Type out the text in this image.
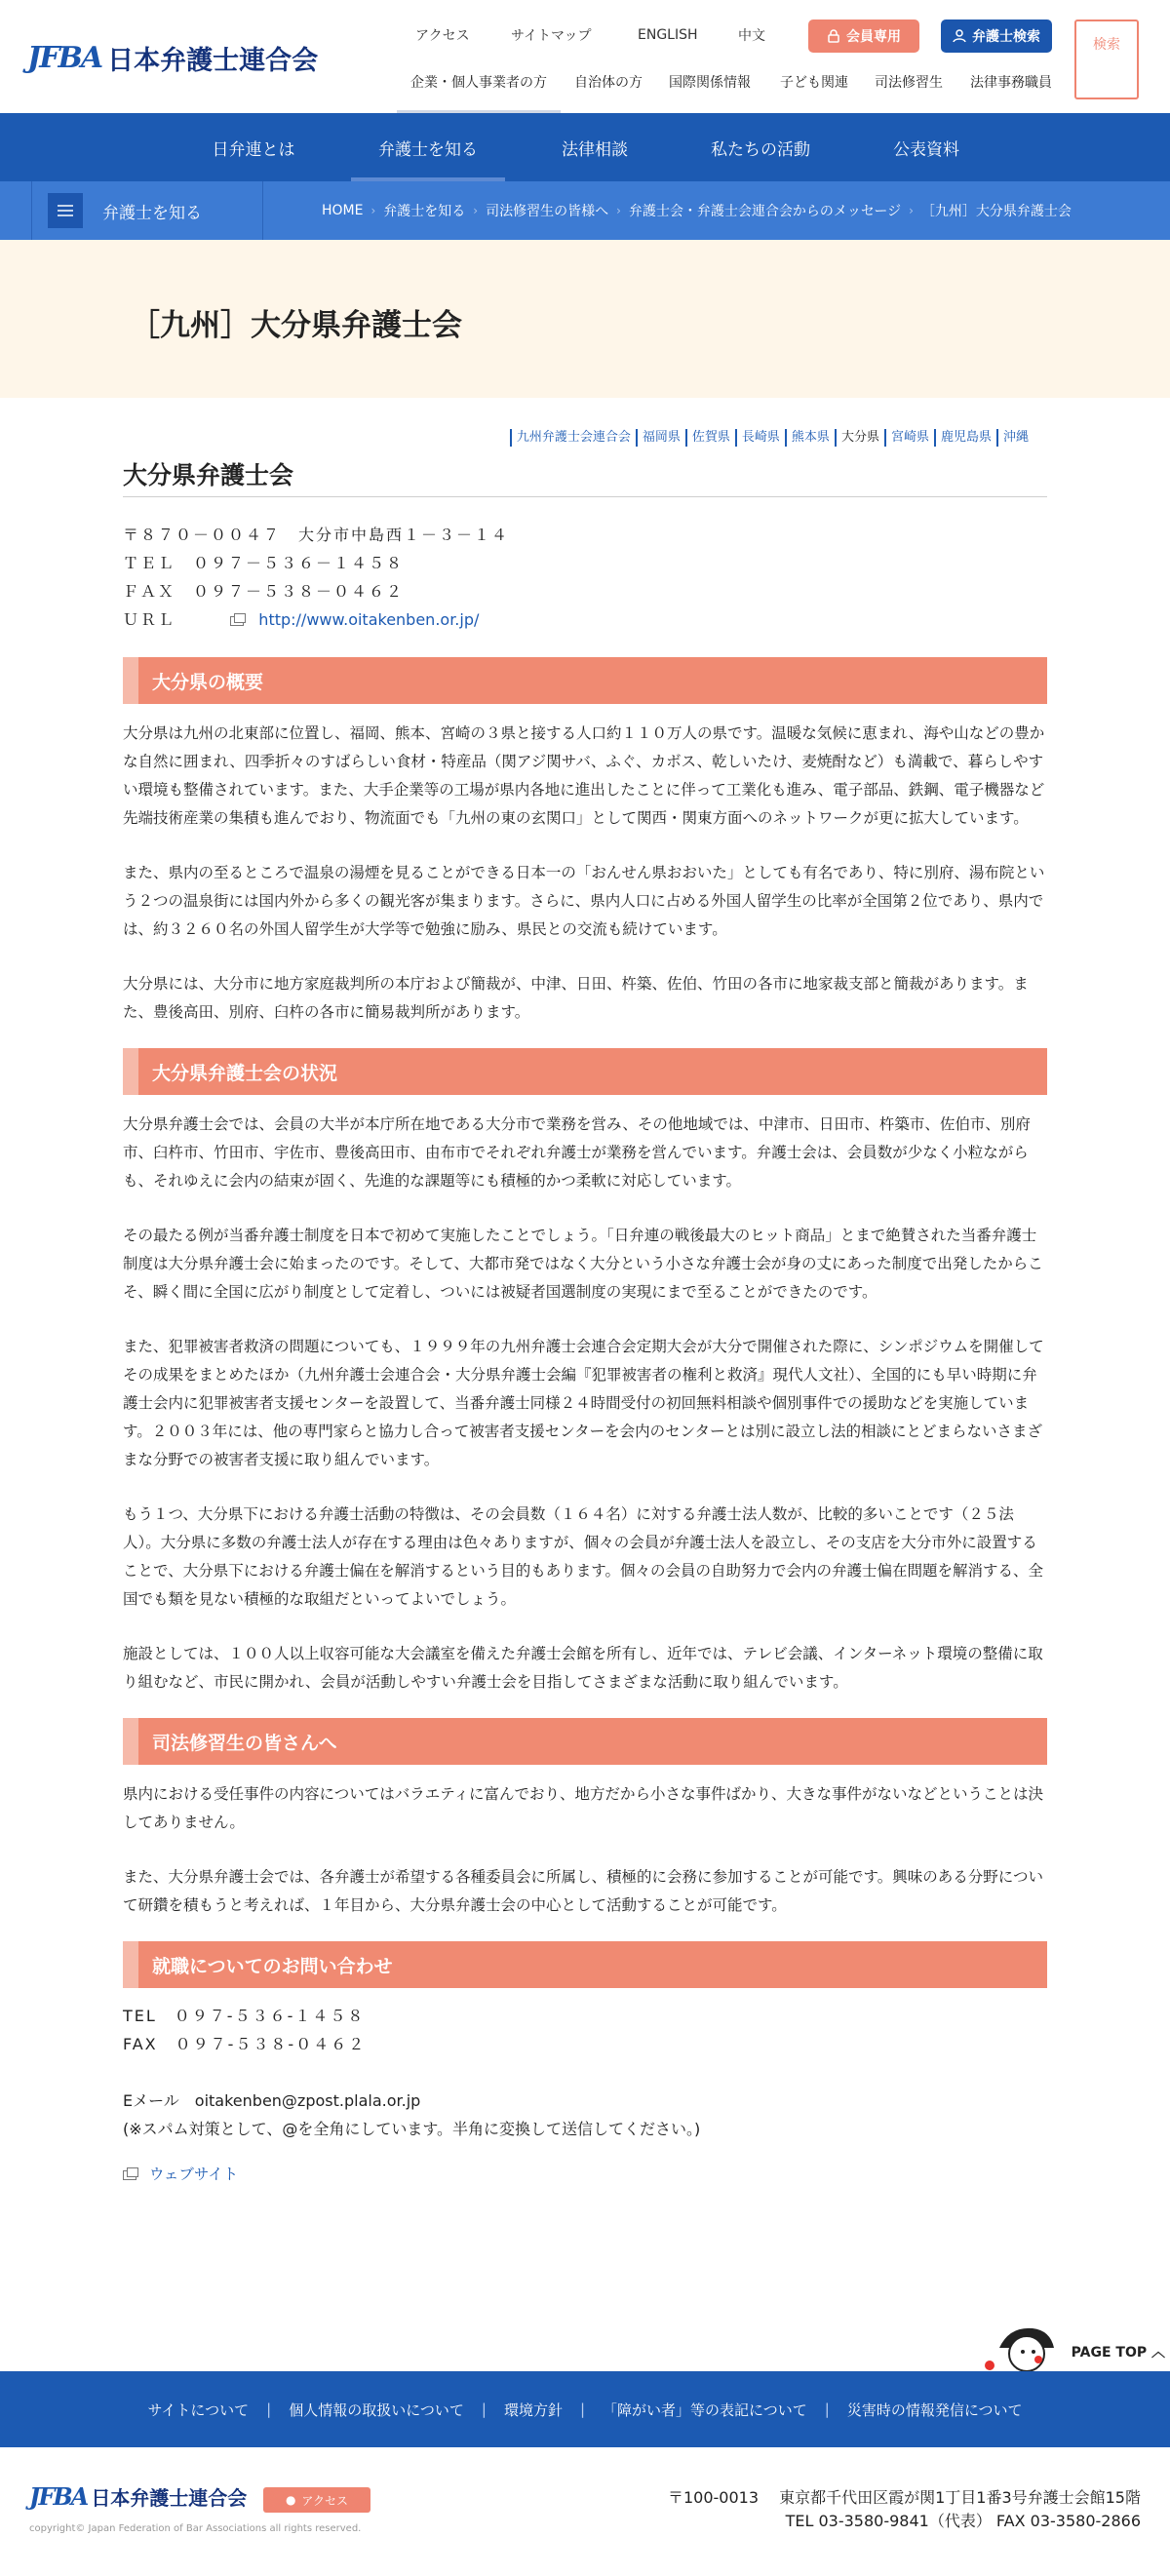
JFBA 日本弁護士連合会
アクセス	サイトマップ	ENGLISH	中文	会員専用	弁護士検索	検索
企業・個人事業者の方 自治体の方 国際関係情報 子ども関連 司法修習生 法律事務職員
日弁連とは	弁護士を知る	法律相談	私たちの活動	公表資料
弁護士を知る	HOME › 弁護士を知る › 司法修習生の皆様へ › 弁護士会・弁護士会連合会からのメッセージ › ［九州］大分県弁護士会
［九州］大分県弁護士会
九州弁護士会連合会 福岡県 佐賀県 長崎県 熊本県 大分県 宮崎県 鹿児島県 沖縄
大分県弁護士会
〒８７０－００４７　大分市中島西１－３－１４
ＴＥＬ　０９７－５３６－１４５８
ＦＡＸ　０９７－５３８－０４６２
ＵＲＬ	http://www.oitakenben.or.jp/
大分県の概要

大分県は九州の北東部に位置し、福岡、熊本、宮崎の３県と接する人口約１１０万人の県です。温暖な気候に恵まれ、海や山などの豊かな自然に囲まれ、四季折々のすばらしい食材・特産品（関アジ関サバ、ふぐ、カボス、乾しいたけ、麦焼酎など）も満載で、暮らしやすい環境も整備されています。また、大手企業等の工場が県内各地に進出したことに伴って工業化も進み、電子部品、鉄鋼、電子機器など先端技術産業の集積も進んでおり、物流面でも「九州の東の玄関口」として関西・関東方面へのネットワークが更に拡大しています。

また、県内の至るところで温泉の湯煙を見ることができる日本一の「おんせん県おおいた」としても有名であり、特に別府、湯布院という２つの温泉街には国内外から多くの観光客が集まります。さらに、県内人口に占める外国人留学生の比率が全国第２位であり、県内では、約３２６０名の外国人留学生が大学等で勉強に励み、県民との交流も続けています。

大分県には、大分市に地方家庭裁判所の本庁および簡裁が、中津、日田、杵築、佐伯、竹田の各市に地家裁支部と簡裁があります。また、豊後高田、別府、臼杵の各市に簡易裁判所があります。

大分県弁護士会の状況

大分県弁護士会では、会員の大半が本庁所在地である大分市で業務を営み、その他地域では、中津市、日田市、杵築市、佐伯市、別府市、臼杵市、竹田市、宇佐市、豊後高田市、由布市でそれぞれ弁護士が業務を営んでいます。弁護士会は、会員数が少なく小粒ながらも、それゆえに会内の結束が固く、先進的な課題等にも積極的かつ柔軟に対応しています。

その最たる例が当番弁護士制度を日本で初めて実施したことでしょう。「日弁連の戦後最大のヒット商品」とまで絶賛された当番弁護士制度は大分県弁護士会に始まったのです。そして、大都市発ではなく大分という小さな弁護士会が身の丈にあった制度で出発したからこそ、瞬く間に全国に広がり制度として定着し、ついには被疑者国選制度の実現にまで至ることができたのです。

また、犯罪被害者救済の問題についても、１９９９年の九州弁護士会連合会定期大会が大分で開催された際に、シンポジウムを開催してその成果をまとめたほか（九州弁護士会連合会・大分県弁護士会編『犯罪被害者の権利と救済』現代人文社）、全国的にも早い時期に弁護士会内に犯罪被害者支援センターを設置して、当番弁護士同様２４時間受付の初回無料相談や個別事件での援助などを実施しています。２００３年には、他の専門家らと協力し合って被害者支援センターを会内のセンターとは別に設立し法的相談にとどまらないさまざまな分野での被害者支援に取り組んでいます。

もう１つ、大分県下における弁護士活動の特徴は、その会員数（１６４名）に対する弁護士法人数が、比較的多いことです（２５法人）。大分県に多数の弁護士法人が存在する理由は色々ありますが、個々の会員が弁護士法人を設立し、その支店を大分市外に設置することで、大分県下における弁護士偏在を解消するという目的もあります。個々の会員の自助努力で会内の弁護士偏在問題を解消する、全国でも類を見ない積極的な取組だといってよいでしょう。

施設としては、１００人以上収容可能な大会議室を備えた弁護士会館を所有し、近年では、テレビ会議、インターネット環境の整備に取り組むなど、市民に開かれ、会員が活動しやすい弁護士会を目指してさまざまな活動に取り組んでいます。

司法修習生の皆さんへ

県内における受任事件の内容についてはバラエティに富んでおり、地方だから小さな事件ばかり、大きな事件がないなどということは決してありません。

また、大分県弁護士会では、各弁護士が希望する各種委員会に所属し、積極的に会務に参加することが可能です。興味のある分野について研鑽を積もうと考えれば、１年目から、大分県弁護士会の中心として活動することが可能です。

就職についてのお問い合わせ
TEL　０９７-５３６-１４５８
FAX　０９７-５３８-０４６２
Eメール　oitakenben@zpost.plala.or.jp
(※スパム対策として、@を全角にしています。半角に変換して送信してください。)
ウェブサイト
PAGE TOP ︿
サイトについて | 個人情報の取扱いについて | 環境方針 | 「障がい者」等の表記について | 災害時の情報発信について
JFBA 日本弁護士連合会	● アクセス
copyright© Japan Federation of Bar Associations all rights reserved.
〒100-0013　 東京都千代田区霞が関1丁目1番3号弁護士会館15階
TEL 03-3580-9841（代表） FAX 03-3580-2866
